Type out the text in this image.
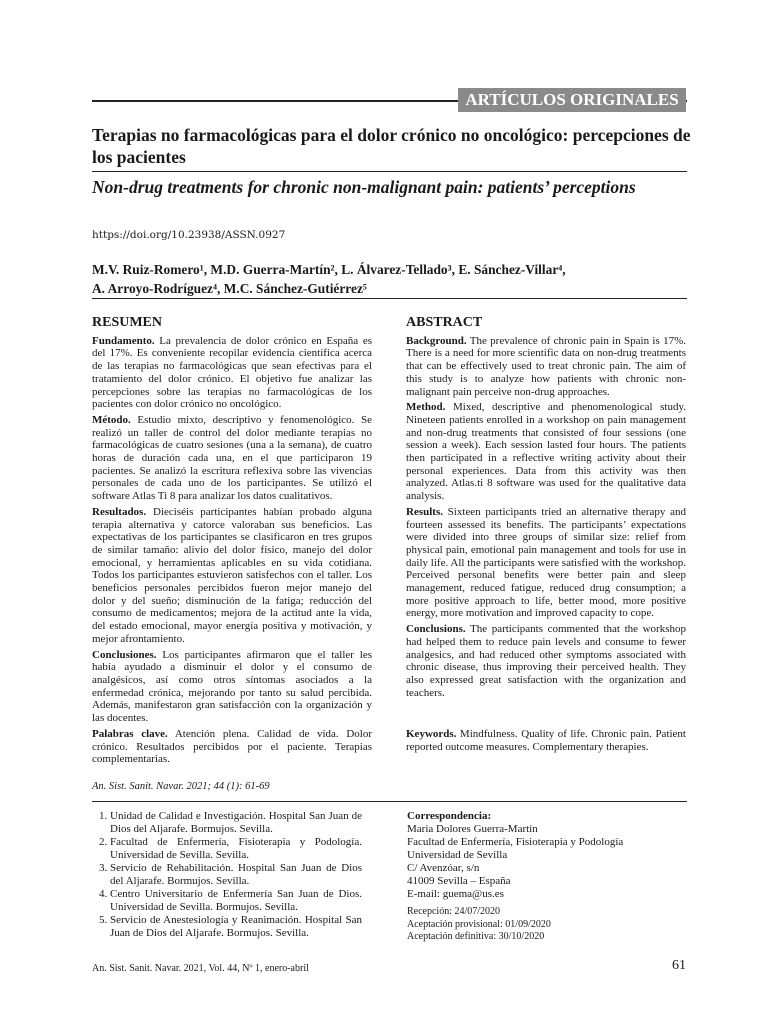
ARTÍCULOS ORIGINALES
Terapias no farmacológicas para el dolor crónico no oncológico: percepciones de los pacientes
Non-drug treatments for chronic non-malignant pain: patients’ perceptions
https://doi.org/10.23938/ASSN.0927
M.V. Ruiz-Romero¹, M.D. Guerra-Martín², L. Álvarez-Tellado³, E. Sánchez-Villar⁴,
A. Arroyo-Rodríguez⁴, M.C. Sánchez-Gutiérrez⁵
RESUMEN

Fundamento. La prevalencia de dolor crónico en España es del 17%. Es conveniente recopilar evidencia científica acerca de las terapias no farmacológicas que sean efectivas para el tratamiento del dolor crónico. El objetivo fue analizar las percepciones sobre las terapias no farmacológicas de los pacientes con dolor crónico no oncológico.

Método. Estudio mixto, descriptivo y fenomenológico. Se realizó un taller de control del dolor mediante terapias no farmacológicas de cuatro sesiones (una a la semana), de cuatro horas de duración cada una, en el que participaron 19 pacientes. Se analizó la escritura reflexiva sobre las vivencias personales de cada uno de los participantes. Se utilizó el software Atlas Ti 8 para analizar los datos cualitativos.

Resultados. Dieciséis participantes habían probado alguna terapia alternativa y catorce valoraban sus beneficios. Las expectativas de los participantes se clasificaron en tres grupos de similar tamaño: alivio del dolor físico, manejo del dolor emocional, y herramientas aplicables en su vida cotidiana. Todos los participantes estuvieron satisfechos con el taller. Los beneficios personales percibidos fueron mejor manejo del dolor y del sueño; disminución de la fatiga; reducción del consumo de medicamentos; mejora de la actitud ante la vida, del estado emocional, mayor energía positiva y motivación, y mejor afrontamiento.

Conclusiones. Los participantes afirmaron que el taller les había ayudado a disminuir el dolor y el consumo de analgésicos, así como otros síntomas asociados a la enfermedad crónica, mejorando por tanto su salud percibida. Además, manifestaron gran satisfacción con la organización y las docentes.

Palabras clave. Atención plena. Calidad de vida. Dolor crónico. Resultados percibidos por el paciente. Terapias complementarias.

ABSTRACT

Background. The prevalence of chronic pain in Spain is 17%. There is a need for more scientific data on non-drug treatments that can be effectively used to treat chronic pain. The aim of this study is to analyze how patients with chronic non-malignant pain perceive non-drug approaches.

Method. Mixed, descriptive and phenomenological study. Nineteen patients enrolled in a workshop on pain management and non-drug treatments that consisted of four sessions (one session a week). Each session lasted four hours. The patients then participated in a reflective writing activity about their personal experiences. Data from this activity was then analyzed. Atlas.ti 8 software was used for the qualitative data analysis.

Results. Sixteen participants tried an alternative therapy and fourteen assessed its benefits. The participants’ expectations were divided into three groups of similar size: relief from physical pain, emotional pain management and tools for use in daily life. All the participants were satisfied with the workshop. Perceived personal benefits were better pain and sleep management, reduced fatigue, reduced drug consumption; a more positive approach to life, better mood, more positive energy, more motivation and improved capacity to cope.

Conclusions. The participants commented that the workshop had helped them to reduce pain levels and consume to fewer analgesics, and had reduced other symptoms associated with chronic disease, thus improving their perceived health. They also expressed great satisfaction with the organization and teachers.

Keywords. Mindfulness. Quality of life. Chronic pain. Patient reported outcome measures. Complementary therapies.

An. Sist. Sanit. Navar. 2021; 44 (1): 61-69
1. Unidad de Calidad e Investigación. Hospital San Juan de Dios del Aljarafe. Bormujos. Sevilla.
2. Facultad de Enfermería, Fisioterapia y Podología. Universidad de Sevilla. Sevilla.
3. Servicio de Rehabilitación. Hospital San Juan de Dios del Aljarafe. Bormujos. Sevilla.
4. Centro Universitario de Enfermería San Juan de Dios. Universidad de Sevilla. Bormujos. Sevilla.
5. Servicio de Anestesiología y Reanimación. Hospital San Juan de Dios del Aljarafe. Bormujos. Sevilla.
Correspondencia:
Maria Dolores Guerra-Martín
Facultad de Enfermería, Fisioterapia y Podología
Universidad de Sevilla
C/ Avenzóar, s/n
41009 Sevilla – España
E-mail: guema@us.es
Recepción: 24/07/2020
Aceptación provisional: 01/09/2020
Aceptación definitiva: 30/10/2020
An. Sist. Sanit. Navar. 2021, Vol. 44, Nº 1, enero-abril	61
